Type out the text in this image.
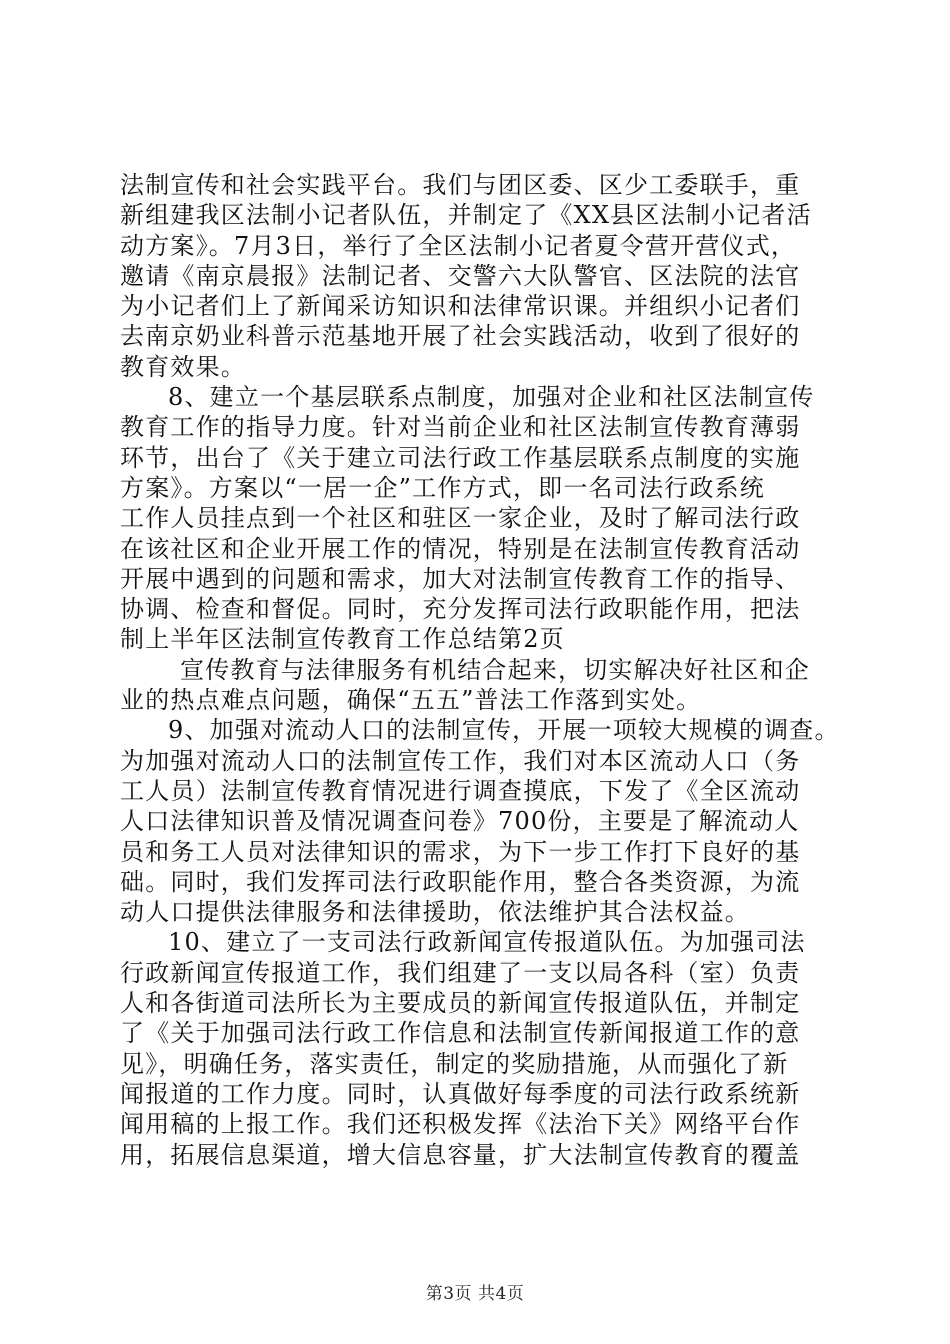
法制宣传和社会实践平台。我们与团区委、区少工委联手，重
新组建我区法制小记者队伍，并制定了《XX县区法制小记者活
动方案》。7月3日，举行了全区法制小记者夏令营开营仪式，
邀请《南京晨报》法制记者、交警六大队警官、区法院的法官
为小记者们上了新闻采访知识和法律常识课。并组织小记者们
去南京奶业科普示范基地开展了社会实践活动，收到了很好的
教育效果。
8、建立一个基层联系点制度，加强对企业和社区法制宣传
教育工作的指导力度。针对当前企业和社区法制宣传教育薄弱
环节，出台了《关于建立司法行政工作基层联系点制度的实施
方案》。方案以“一居一企”工作方式，即一名司法行政系统
工作人员挂点到一个社区和驻区一家企业，及时了解司法行政
在该社区和企业开展工作的情况，特别是在法制宣传教育活动
开展中遇到的问题和需求，加大对法制宣传教育工作的指导、
协调、检查和督促。同时，充分发挥司法行政职能作用，把法
制上半年区法制宣传教育工作总结第2页
宣传教育与法律服务有机结合起来，切实解决好社区和企
业的热点难点问题，确保“五五”普法工作落到实处。
9、加强对流动人口的法制宣传，开展一项较大规模的调查。
为加强对流动人口的法制宣传工作，我们对本区流动人口（务
工人员）法制宣传教育情况进行调查摸底，下发了《全区流动
人口法律知识普及情况调查问卷》700份，主要是了解流动人
员和务工人员对法律知识的需求，为下一步工作打下良好的基
础。同时，我们发挥司法行政职能作用，整合各类资源，为流
动人口提供法律服务和法律援助，依法维护其合法权益。
10、建立了一支司法行政新闻宣传报道队伍。为加强司法
行政新闻宣传报道工作，我们组建了一支以局各科（室）负责
人和各街道司法所长为主要成员的新闻宣传报道队伍，并制定
了《关于加强司法行政工作信息和法制宣传新闻报道工作的意
见》，明确任务，落实责任，制定的奖励措施，从而强化了新
闻报道的工作力度。同时，认真做好每季度的司法行政系统新
闻用稿的上报工作。我们还积极发挥《法治下关》网络平台作
用，拓展信息渠道，增大信息容量，扩大法制宣传教育的覆盖
第3页 共4页
